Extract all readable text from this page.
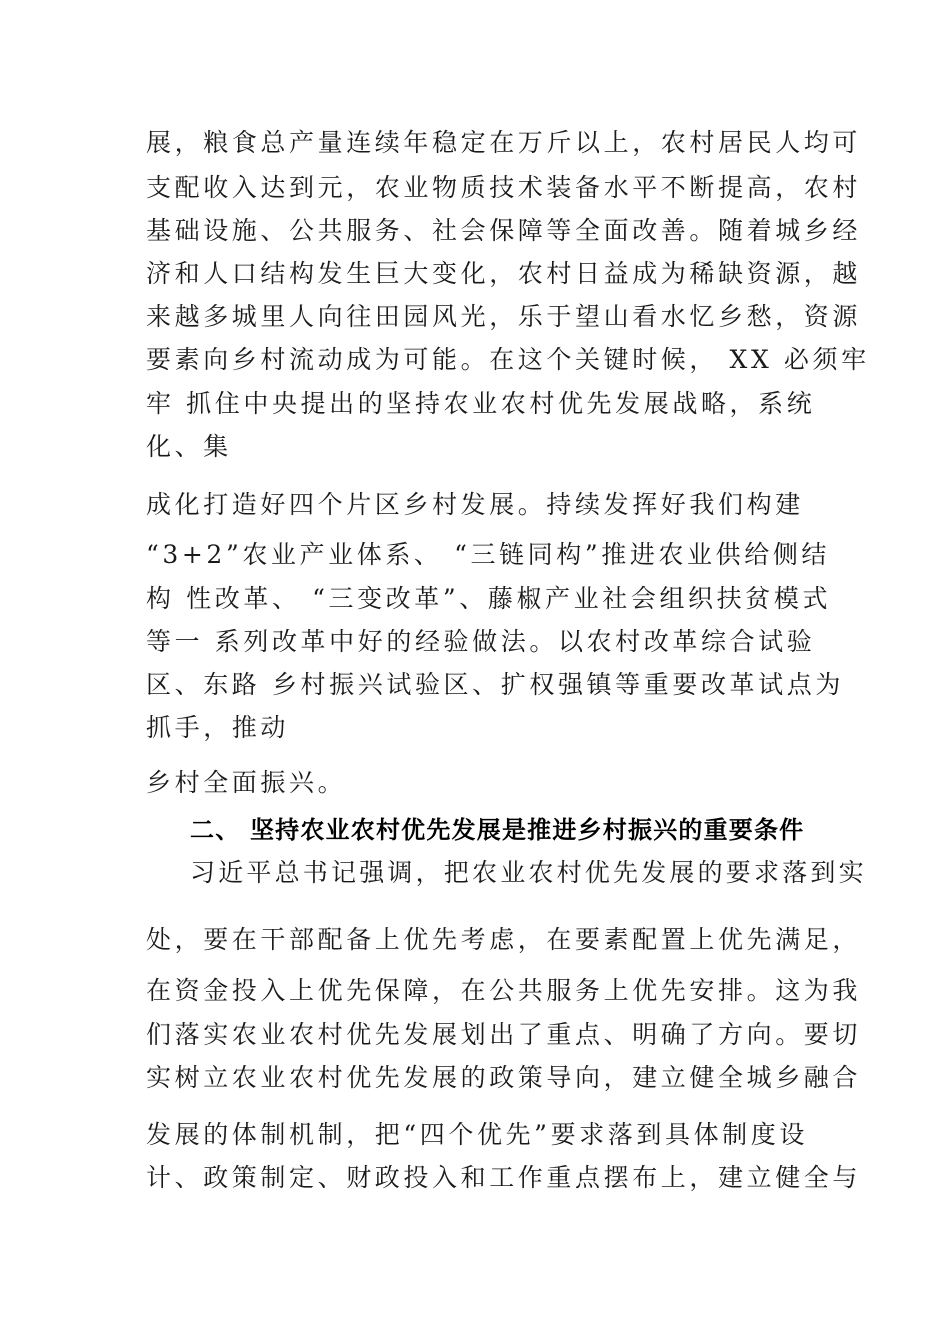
展，粮食总产量连续年稳定在万斤以上，农村居民人均可
支配收入达到元，农业物质技术装备水平不断提高，农村
基础设施、公共服务、社会保障等全面改善。随着城乡经
济和人口结构发生巨大变化，农村日益成为稀缺资源，越
来越多城里人向往田园风光，乐于望山看水忆乡愁，资源
要素向乡村流动成为可能。在这个关键时候， XX 必须牢
牢 抓住中央提出的坚持农业农村优先发展战略，系统
化、集
成化打造好四个片区乡村发展。持续发挥好我们构建
“3+2”农业产业体系、 “三链同构”推进农业供给侧结
构 性改革、 “三变改革”、藤椒产业社会组织扶贫模式
等一 系列改革中好的经验做法。以农村改革综合试验
区、东路 乡村振兴试验区、扩权强镇等重要改革试点为
抓手，推动
乡村全面振兴。
二、 坚持农业农村优先发展是推进乡村振兴的重要条件
习近平总书记强调，把农业农村优先发展的要求落到实
处，要在干部配备上优先考虑，在要素配置上优先满足，
在资金投入上优先保障，在公共服务上优先安排。这为我
们落实农业农村优先发展划出了重点、明确了方向。要切
实树立农业农村优先发展的政策导向，建立健全城乡融合
发展的体制机制，把“四个优先”要求落到具体制度设
计、政策制定、财政投入和工作重点摆布上，建立健全与
